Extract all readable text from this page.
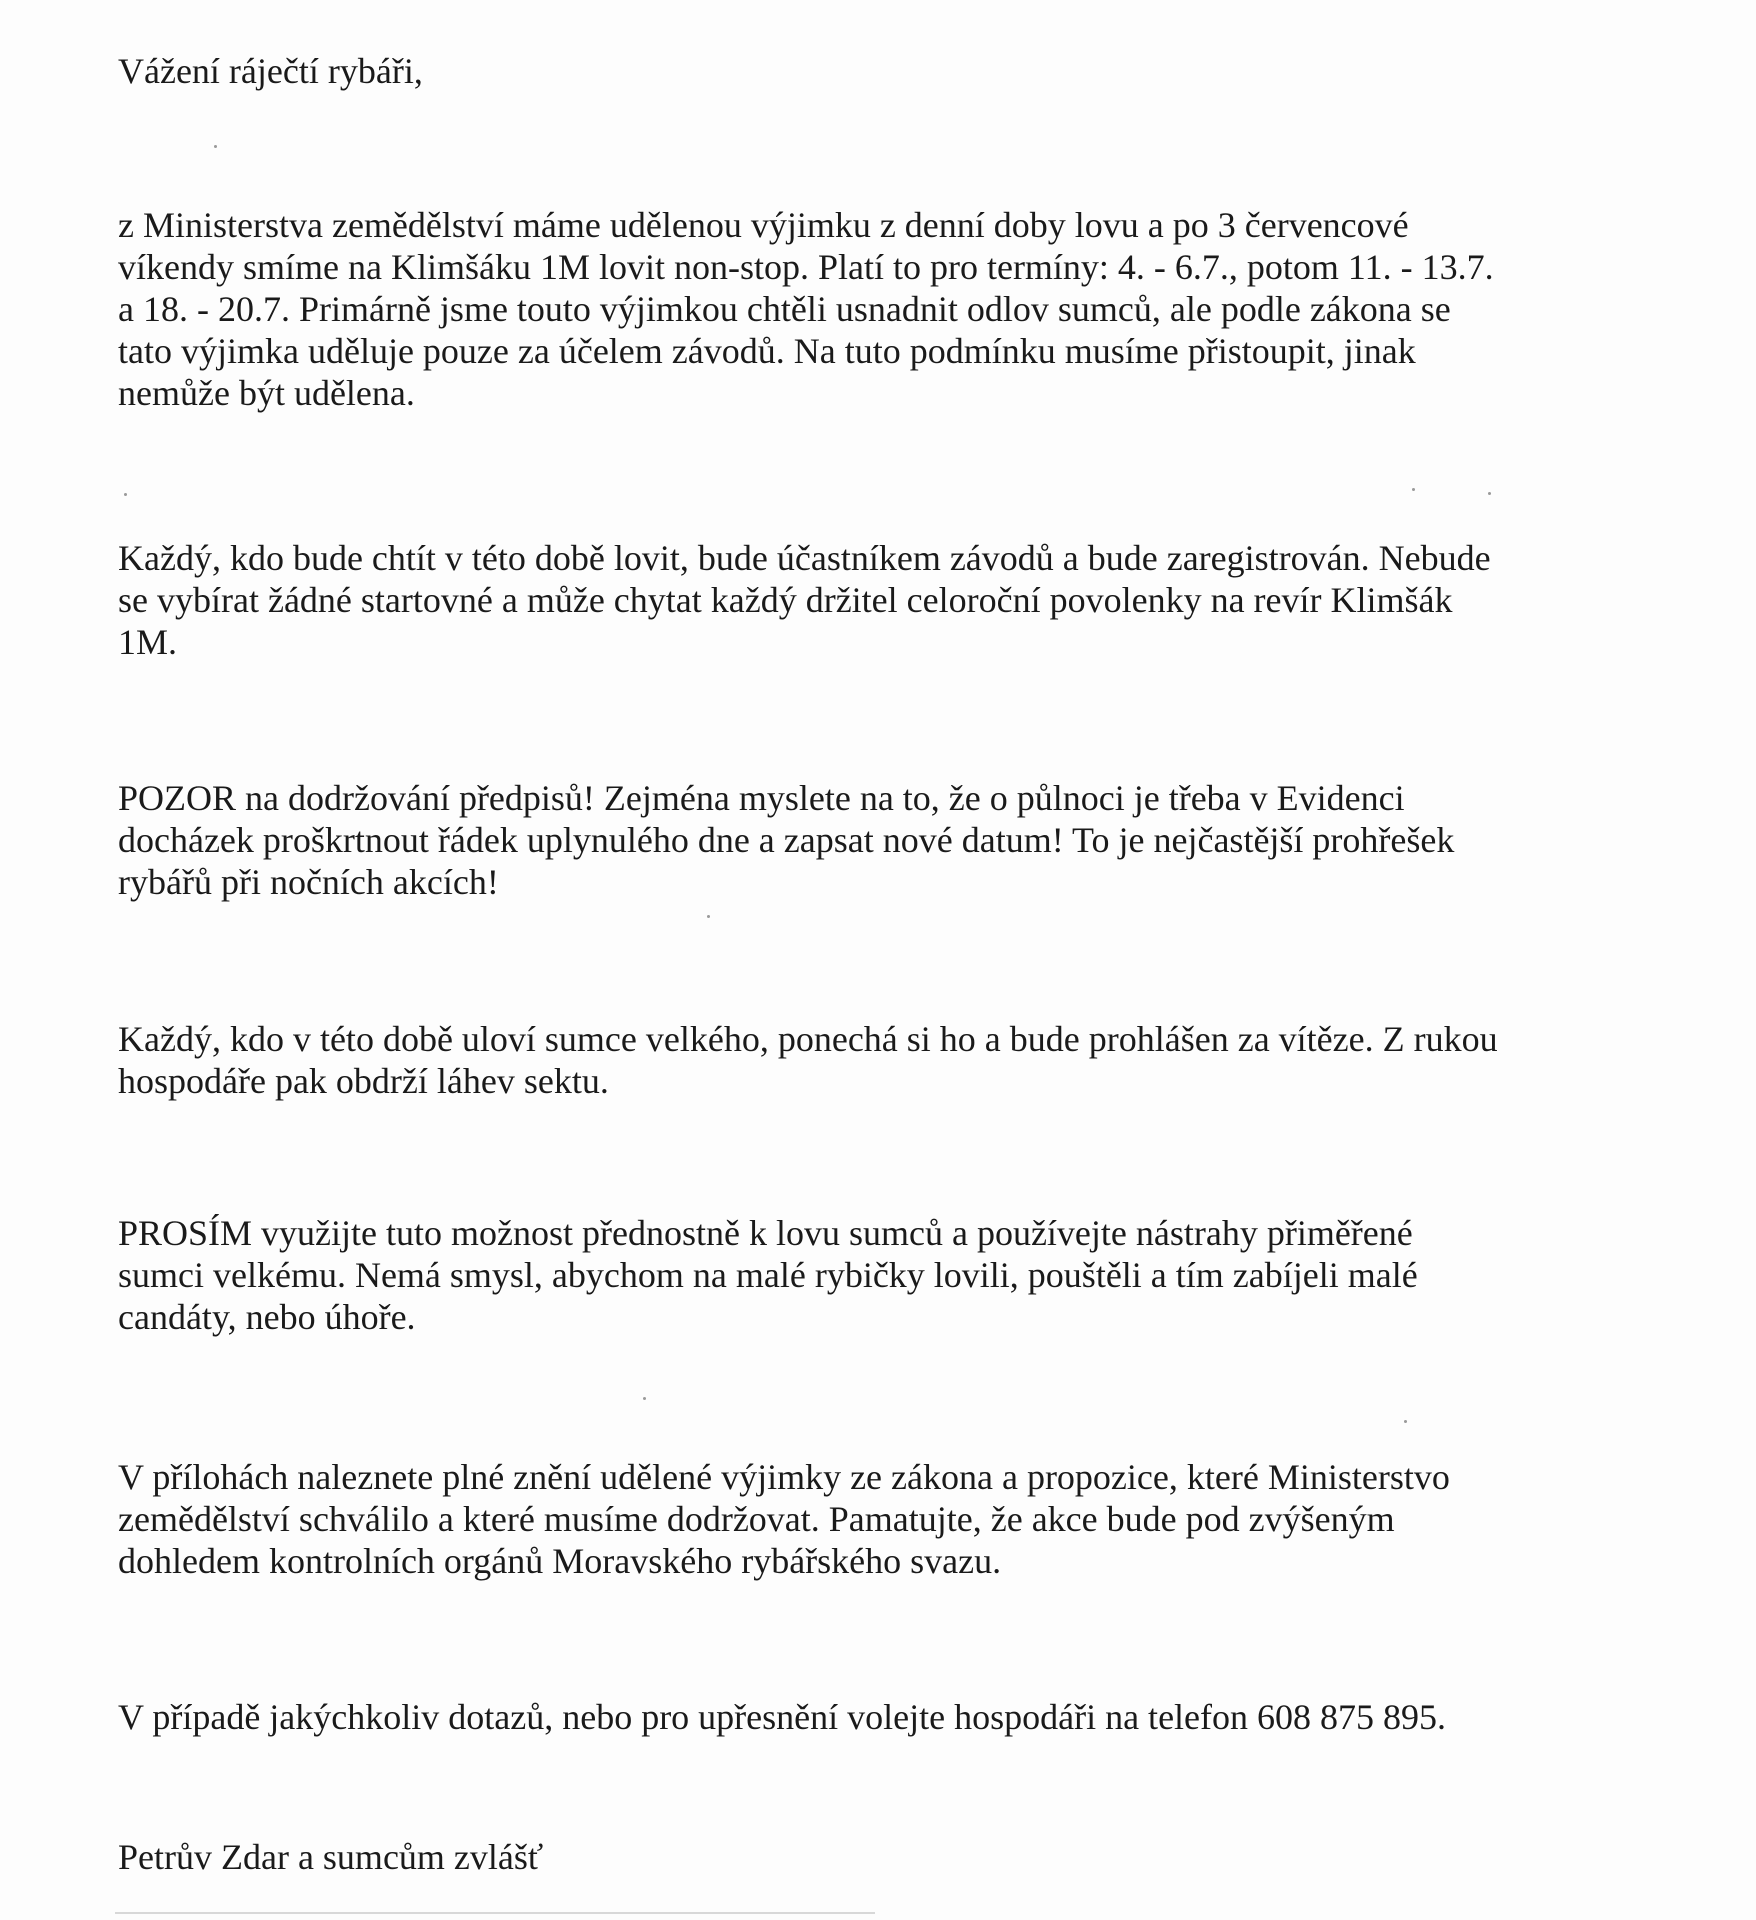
Vážení ráječtí rybáři,

z Ministerstva zemědělství máme udělenou výjimku z denní doby lovu a po 3 červencové
víkendy smíme na Klimšáku 1M lovit non-stop. Platí to pro termíny: 4. - 6.7., potom 11. - 13.7.
a 18. - 20.7. Primárně jsme touto výjimkou chtěli usnadnit odlov sumců, ale podle zákona se
tato výjimka uděluje pouze za účelem závodů. Na tuto podmínku musíme přistoupit, jinak
nemůže být udělena.

Každý, kdo bude chtít v této době lovit, bude účastníkem závodů a bude zaregistrován. Nebude
se vybírat žádné startovné a může chytat každý držitel celoroční povolenky na revír Klimšák
1M.

POZOR na dodržování předpisů! Zejména myslete na to, že o půlnoci je třeba v Evidenci
docházek proškrtnout řádek uplynulého dne a zapsat nové datum! To je nejčastější prohřešek
rybářů při nočních akcích!

Každý, kdo v této době uloví sumce velkého, ponechá si ho a bude prohlášen za vítěze. Z rukou
hospodáře pak obdrží láhev sektu.

PROSÍM využijte tuto možnost přednostně k lovu sumců a používejte nástrahy přiměřené
sumci velkému. Nemá smysl, abychom na malé rybičky lovili, pouštěli a tím zabíjeli malé
candáty, nebo úhoře.

V přílohách naleznete plné znění udělené výjimky ze zákona a propozice, které Ministerstvo
zemědělství schválilo a které musíme dodržovat. Pamatujte, že akce bude pod zvýšeným
dohledem kontrolních orgánů Moravského rybářského svazu.

V případě jakýchkoliv dotazů, nebo pro upřesnění volejte hospodáři na telefon 608 875 895.

Petrův Zdar a sumcům zvlášť
